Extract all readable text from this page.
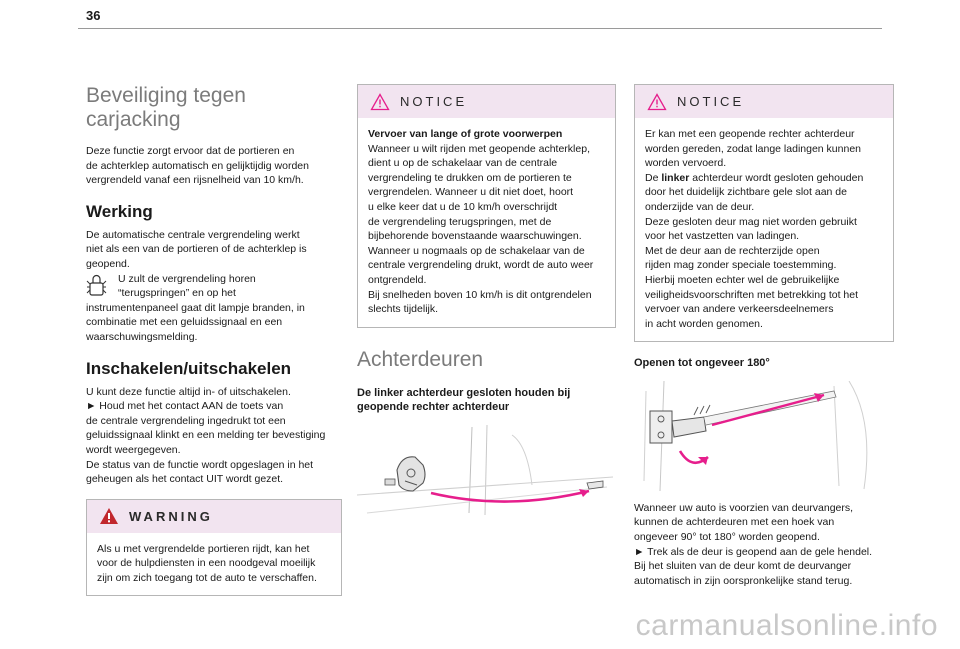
36
Beveiliging tegen carjacking

Deze functie zorgt ervoor dat de portieren en

de achterklep automatisch en gelijktijdig worden

vergrendeld vanaf een rijsnelheid van 10 km/h.

Werking

De automatische centrale vergrendeling werkt

niet als een van de portieren of de achterklep is

geopend.

U zult de vergrendeling horen

“terugspringen” en op het

instrumentenpaneel gaat dit lampje branden, in

combinatie met een geluidssignaal en een

waarschuwingsmelding.

Inschakelen/uitschakelen

U kunt deze functie altijd in- of uitschakelen.

► Houd met het contact AAN de toets van

de centrale vergrendeling ingedrukt tot een

geluidssignaal klinkt en een melding ter bevestiging

wordt weergegeven.

De status van de functie wordt opgeslagen in het

geheugen als het contact UIT wordt gezet.

WARNING

Als u met vergrendelde portieren rijdt, kan het

voor de hulpdiensten in een noodgeval moeilijk

zijn om zich toegang tot de auto te verschaffen.

NOTICE

Vervoer van lange of grote voorwerpen

Wanneer u wilt rijden met geopende achterklep,

dient u op de schakelaar van de centrale

vergrendeling te drukken om de portieren te

vergrendelen. Wanneer u dit niet doet, hoort

u elke keer dat u de 10 km/h overschrijdt

de vergrendeling terugspringen, met de

bijbehorende bovenstaande waarschuwingen.

Wanneer u nogmaals op de schakelaar van de

centrale vergrendeling drukt, wordt de auto weer

ontgrendeld.

Bij snelheden boven 10 km/h is dit ontgrendelen

slechts tijdelijk.

Achterdeuren
De linker achterdeur gesloten houden bij
geopende rechter achterdeur
NOTICE

Er kan met een geopende rechter achterdeur

worden gereden, zodat lange ladingen kunnen

worden vervoerd.

De linker achterdeur wordt gesloten gehouden

door het duidelijk zichtbare gele slot aan de

onderzijde van de deur.

Deze gesloten deur mag niet worden gebruikt

voor het vastzetten van ladingen.

Met de deur aan de rechterzijde open

rijden mag zonder speciale toestemming.

Hierbij moeten echter wel de gebruikelijke

veiligheidsvoorschriften met betrekking tot het

vervoer van andere verkeersdeelnemers

in acht worden genomen.

Openen tot ongeveer 180°

Wanneer uw auto is voorzien van deurvangers,

kunnen de achterdeuren met een hoek van

ongeveer 90° tot 180° worden geopend.

► Trek als de deur is geopend aan de gele hendel.

Bij het sluiten van de deur komt de deurvanger

automatisch in zijn oorspronkelijke stand terug.

carmanualsonline.info
